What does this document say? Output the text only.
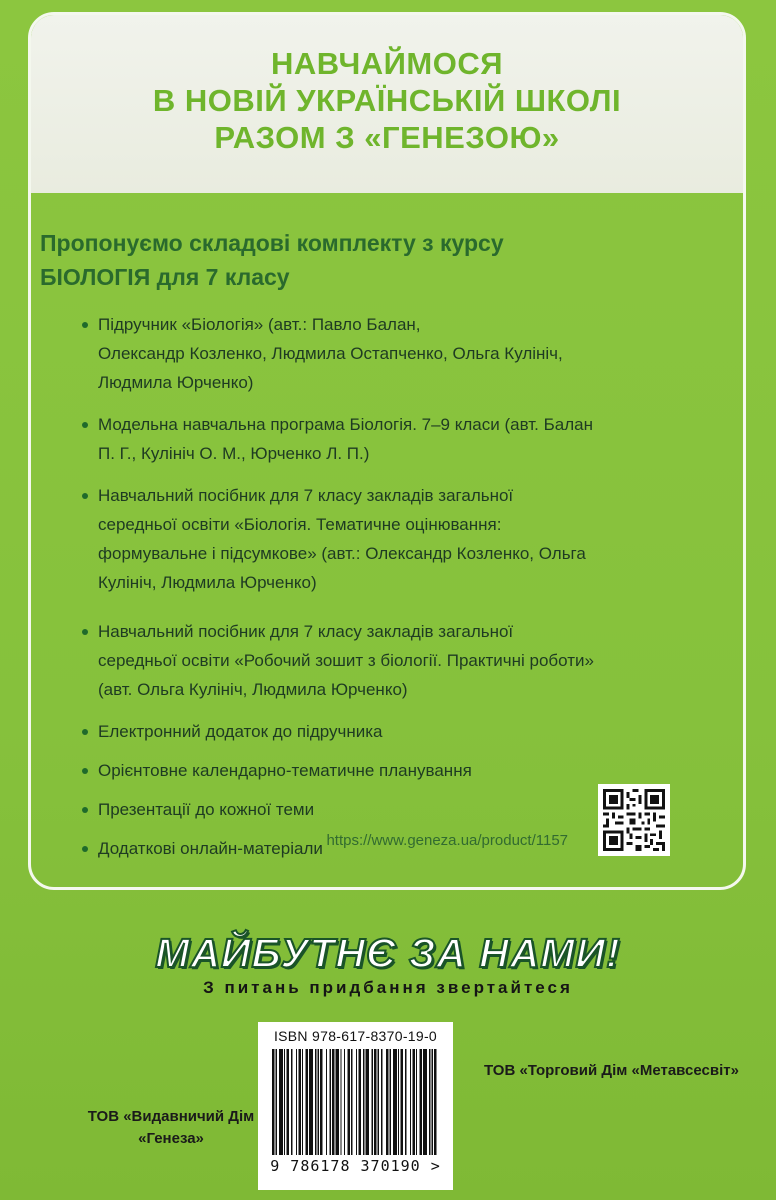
НАВЧАЙМОСЯ
В НОВІЙ УКРАЇНСЬКІЙ ШКОЛІ
РАЗОМ З «ГЕНЕЗОЮ»
Пропонуємо складові комплекту з курсу
БІОЛОГІЯ для 7 класу
Підручник «Біологія» (авт.: Павло Балан,
Олександр Козленко, Людмила Остапченко, Ольга Кулініч,
Людмила Юрченко)
Модельна навчальна програма Біологія. 7–9 класи (авт. Балан
П. Г., Кулініч О. М., Юрченко Л. П.)
Навчальний посібник для 7 класу закладів загальної
середньої освіти «Біологія. Тематичне оцінювання:
формувальне і підсумкове» (авт.: Олександр Козленко, Ольга
Кулініч, Людмила Юрченко)
Навчальний посібник для 7 класу закладів загальної
середньої освіти «Робочий зошит з біології. Практичні роботи»
(авт. Ольга Кулініч, Людмила Юрченко)
Електронний додаток до підручника
Орієнтовне календарно-тематичне планування
Презентації до кожної теми
Додаткові онлайн-матеріали https://www.geneza.ua/product/1157
МАЙБУТНЄ ЗА НАМИ!
З питань придбання звертайтеся
ISBN 978-617-8370-19-0
9 786178 370190 >
ТОВ «Видавничий Дім
«Генеза»
ТОВ «Торговий Дім «Метавсесвіт»
